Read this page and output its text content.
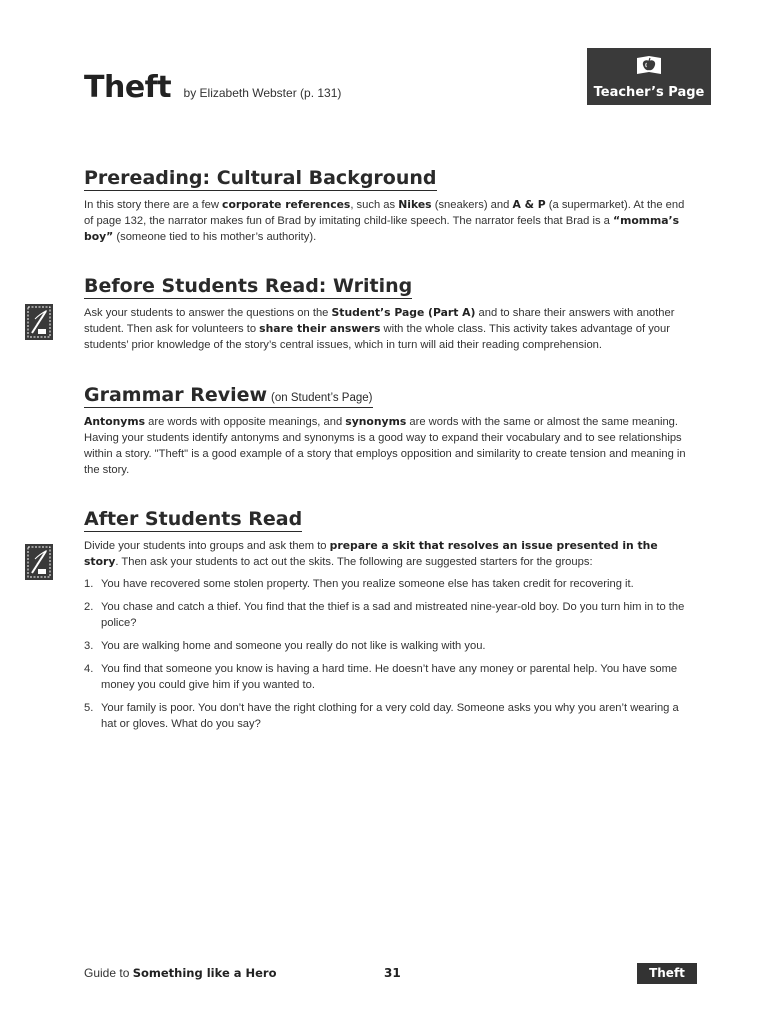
Theft by Elizabeth Webster (p. 131)	Teacher’s Page
Prereading: Cultural Background

In this story there are a few corporate references, such as Nikes (sneakers) and A & P (a supermarket). At the end of page 132, the narrator makes fun of Brad by imitating child-like speech. The narrator feels that Brad is a “momma’s boy” (someone tied to his mother’s authority).

Before Students Read: Writing

Ask your students to answer the questions on the Student’s Page (Part A) and to share their answers with another student. Then ask for volunteers to share their answers with the whole class. This activity takes advantage of your students’ prior knowledge of the story’s central issues, which in turn will aid their reading comprehension.

Grammar Review (on Student’s Page)

Antonyms are words with opposite meanings, and synonyms are words with the same or almost the same meaning. Having your students identify antonyms and synonyms is a good way to expand their vocabulary and to see relationships within a story. "Theft" is a good example of a story that employs opposition and similarity to create tension and meaning in the story.

After Students Read

Divide your students into groups and ask them to prepare a skit that resolves an issue presented in the story. Then ask your students to act out the skits. The following are suggested starters for the groups:

1. You have recovered some stolen property. Then you realize someone else has taken credit for recovering it.
2. You chase and catch a thief. You find that the thief is a sad and mistreated nine-year-old boy. Do you turn him in to the police?
3. You are walking home and someone you really do not like is walking with you.
4. You find that someone you know is having a hard time. He doesn’t have any money or parental help. You have some money you could give him if you wanted to.
5. Your family is poor. You don’t have the right clothing for a very cold day. Someone asks you why you aren’t wearing a hat or gloves. What do you say?
Guide to Something like a Hero	31	Theft
